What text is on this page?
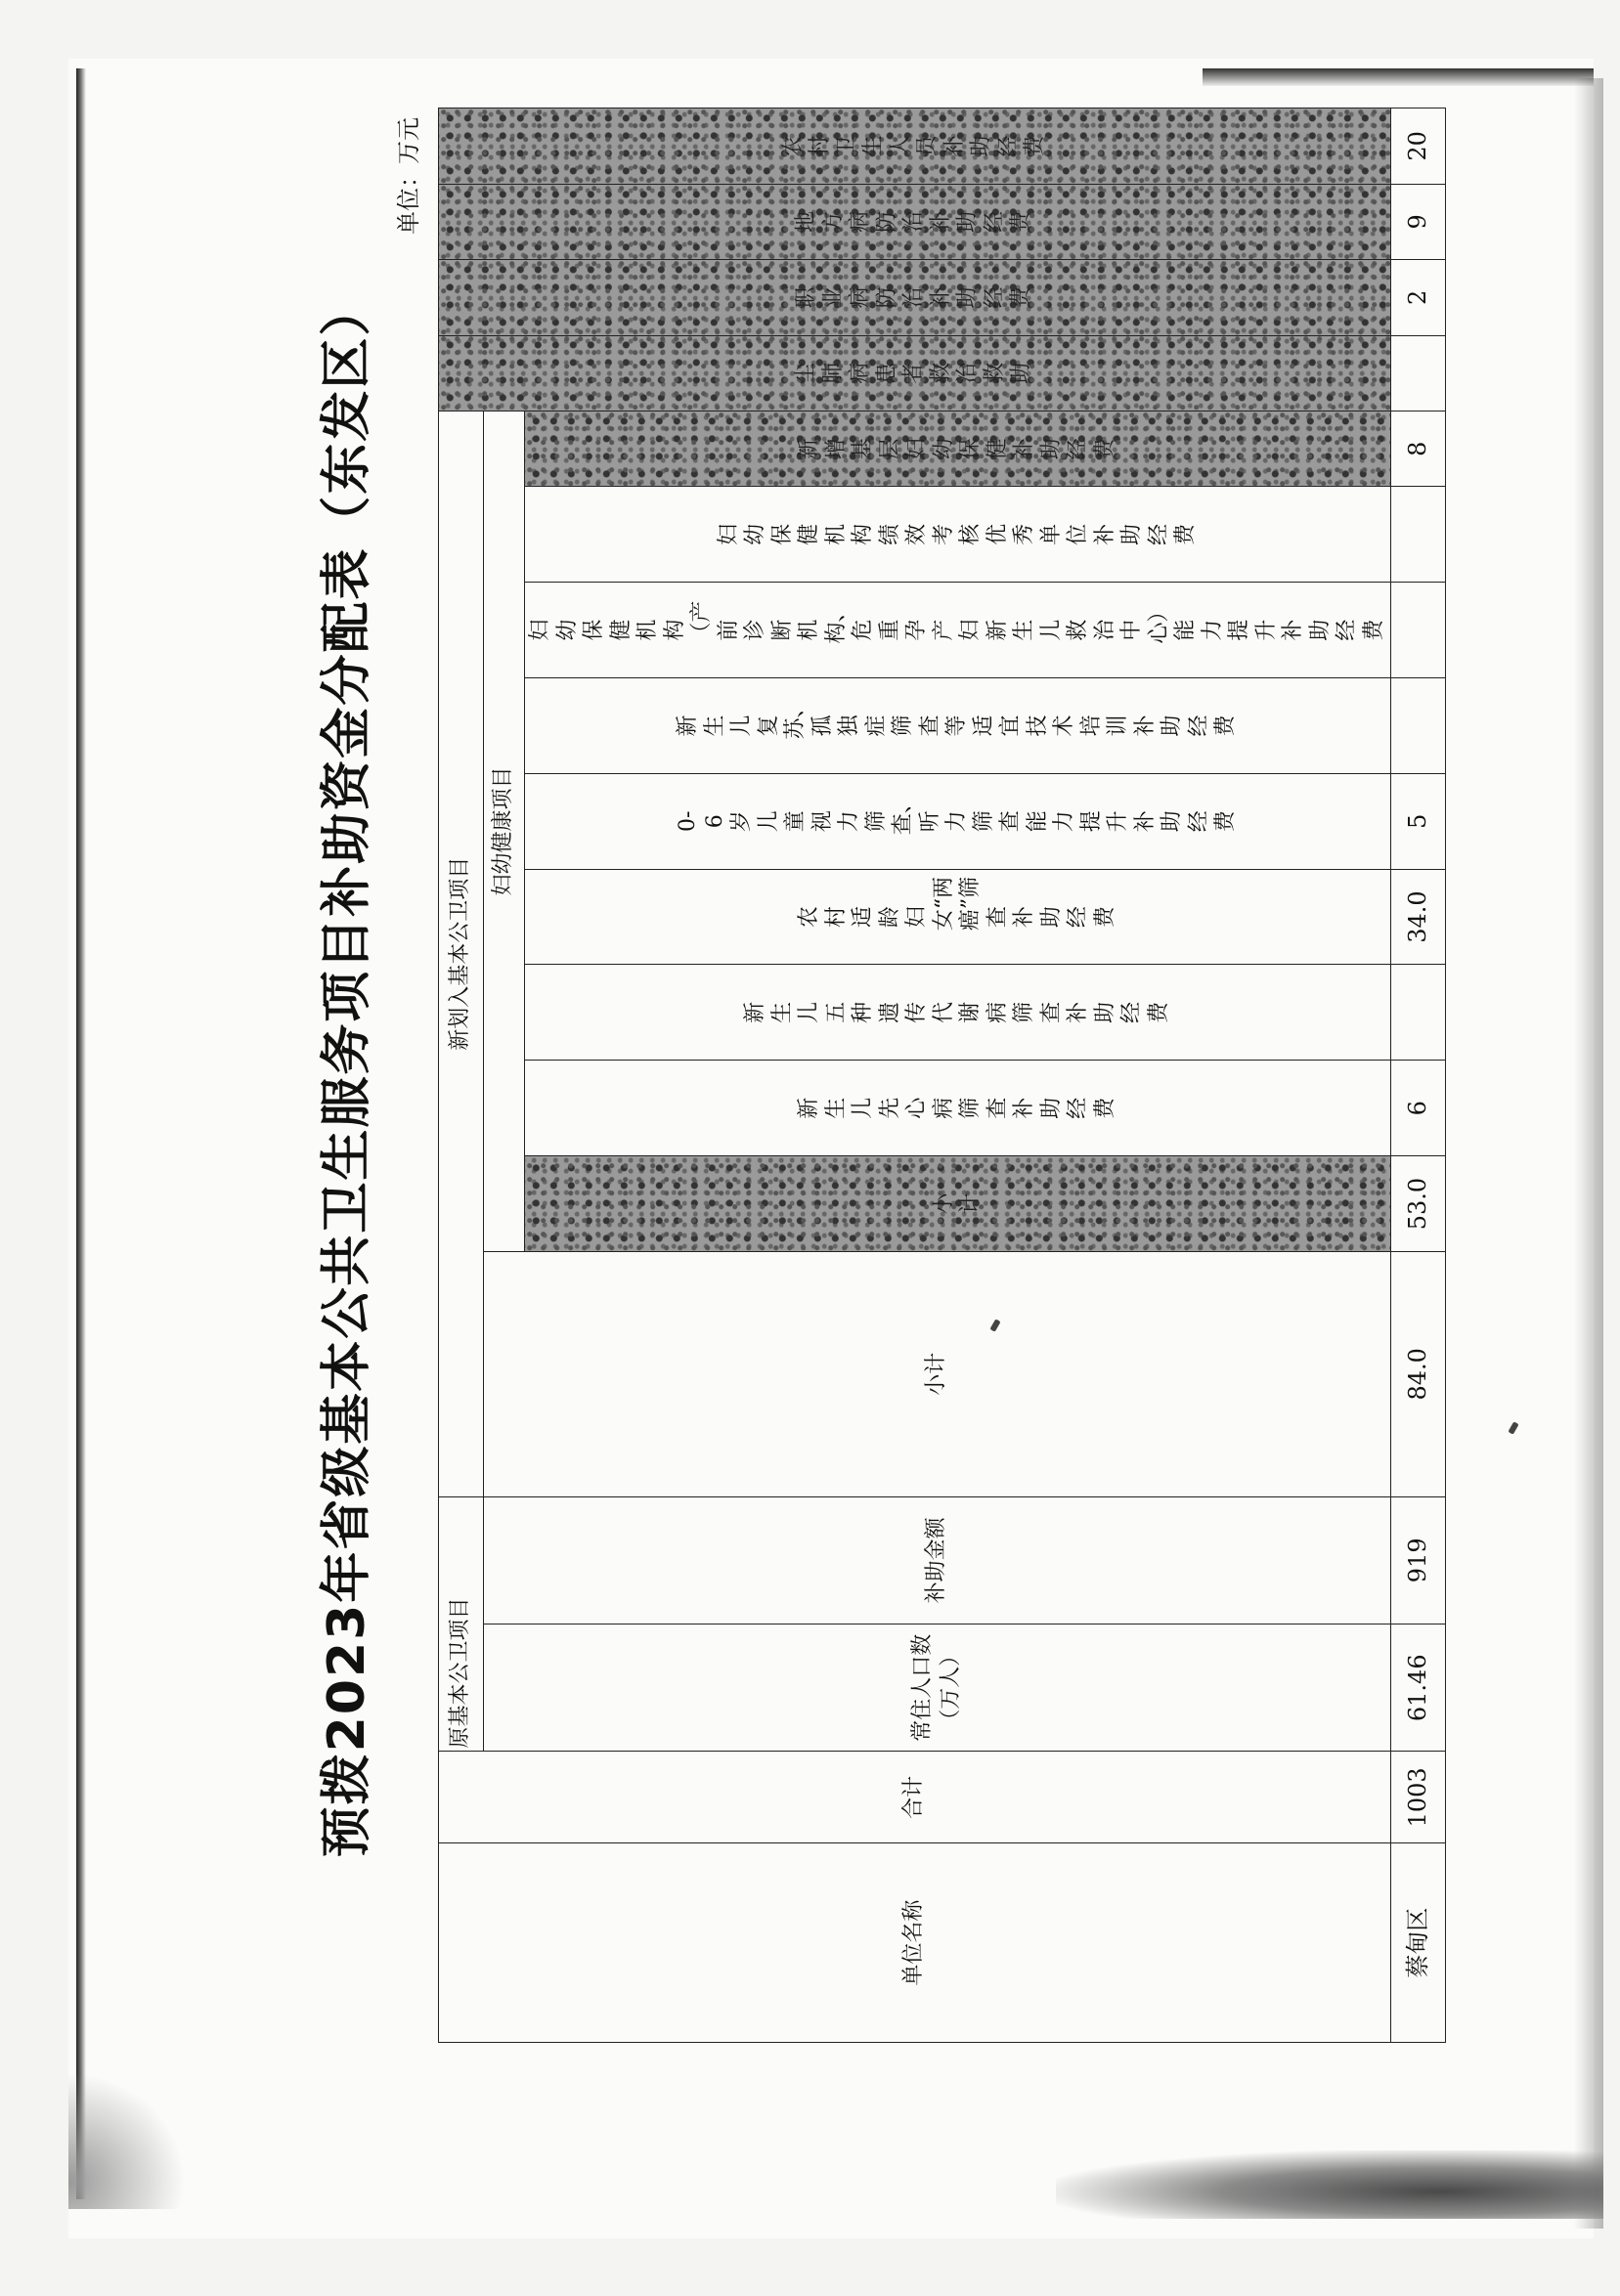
预拨2023年省级基本公共卫生服务项目补助资金分配表（东发区）
单位：万元
单位名称	合计	原基本公卫项目		新划入基本公卫项目										尘肺病患者救治救助	职业病防治补助经费	地方病防治补助经费	农村卫生人员补助经费
		常住人口数（万人）	补助金额	小计	妇幼健康项目												
					小计	新生儿先心病筛查补助经费	新生儿五种遗传代谢病筛查补助经费	农村适龄妇女“两癌”筛查补助经费	0-6岁儿童视力筛查、听力筛查能力提升补助经费	新生儿复苏、孤独症筛查等适宜技术培训补助经费	妇幼保健机构（产前诊断机构、危重孕产妇新生儿救治中心）能力提升补助经费	妇幼保健机构绩效考核优秀单位补助经费	新增基层妇幼保健补助经费				
蔡甸区	1003	61.46	919	84.0	53.0	6		34.0	5				8		2	9	20
